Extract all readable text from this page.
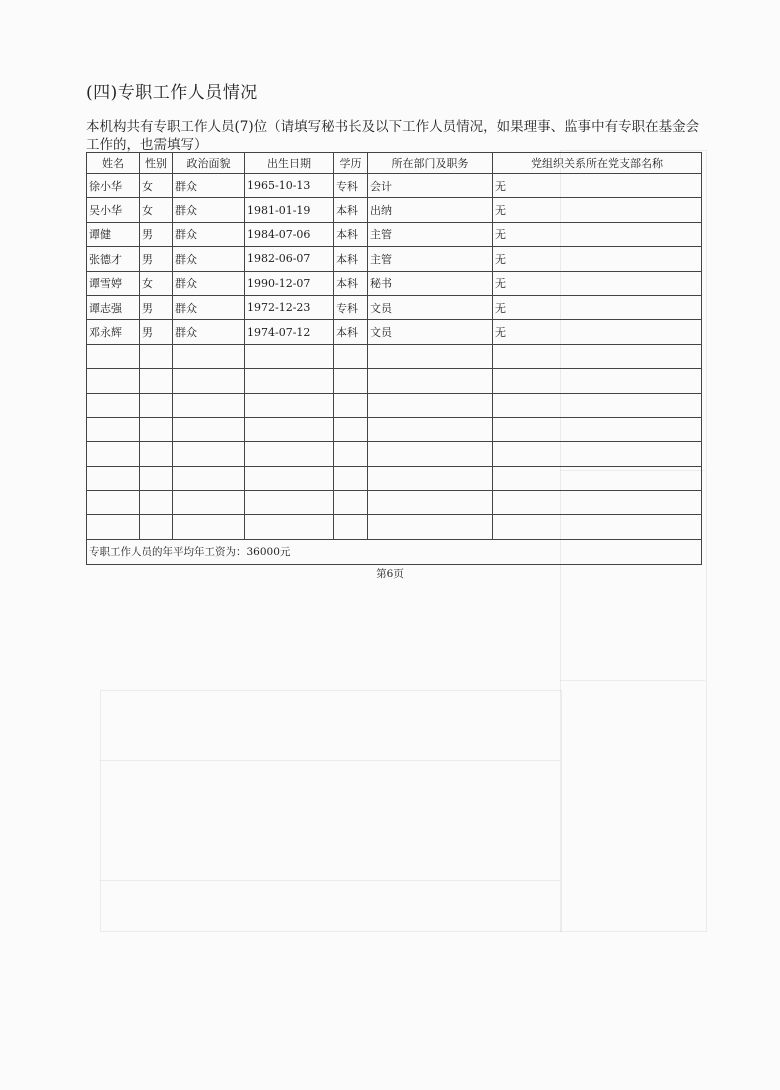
(四)专职工作人员情况
本机构共有专职工作人员(7)位（请填写秘书长及以下工作人员情况，如果理事、监事中有专职在基金会工作的，也需填写）
姓名	性别	政治面貌	出生日期	学历	所在部门及职务	党组织关系所在党支部名称
徐小华	女	群众	1965-10-13	专科	会计	无
吴小华	女	群众	1981-01-19	本科	出纳	无
谭健	男	群众	1984-07-06	本科	主管	无
张德才	男	群众	1982-06-07	本科	主管	无
谭雪婷	女	群众	1990-12-07	本科	秘书	无
谭志强	男	群众	1972-12-23	专科	文员	无
邓永辉	男	群众	1974-07-12	本科	文员	无

专职工作人员的年平均年工资为：36000元						
第6页
